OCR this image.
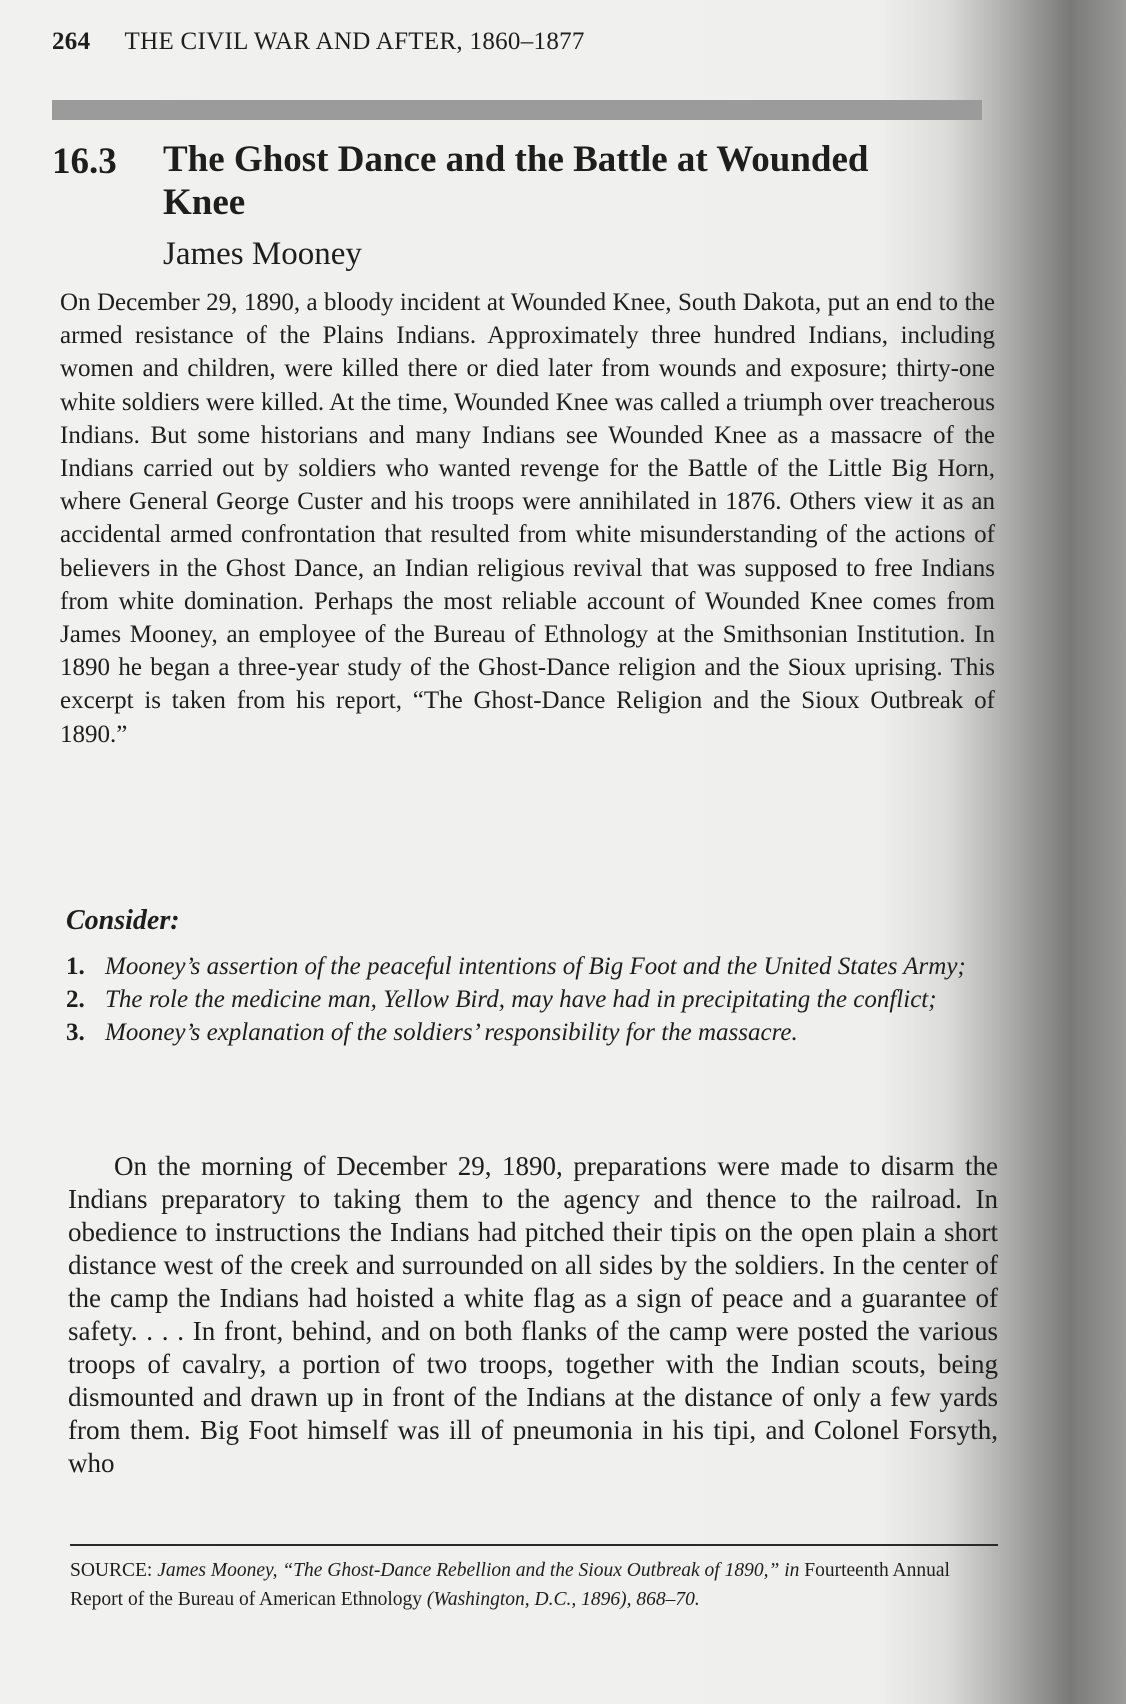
264 THE CIVIL WAR AND AFTER, 1860–1877
16.3 The Ghost Dance and the Battle at Wounded Knee
James Mooney

On December 29, 1890, a bloody incident at Wounded Knee, South Dakota, put an end to the armed resistance of the Plains Indians. Approximately three hundred Indians, including women and children, were killed there or died later from wounds and exposure; thirty-one white soldiers were killed. At the time, Wounded Knee was called a triumph over treacherous Indians. But some historians and many Indians see Wounded Knee as a massacre of the Indians carried out by soldiers who wanted revenge for the Battle of the Little Big Horn, where General George Custer and his troops were annihilated in 1876. Others view it as an accidental armed confrontation that resulted from white misunderstanding of the actions of believers in the Ghost Dance, an Indian religious revival that was supposed to free Indians from white domination. Perhaps the most reliable account of Wounded Knee comes from James Mooney, an employee of the Bureau of Ethnology at the Smithsonian Institution. In 1890 he began a three-year study of the Ghost-Dance religion and the Sioux uprising. This excerpt is taken from his report, “The Ghost-Dance Religion and the Sioux Outbreak of 1890.”

Consider:
1. Mooney’s assertion of the peaceful intentions of Big Foot and the United States Army;
2. The role the medicine man, Yellow Bird, may have had in precipitating the conflict;
3. Mooney’s explanation of the soldiers’ responsibility for the massacre.

On the morning of December 29, 1890, preparations were made to disarm the Indians preparatory to taking them to the agency and thence to the railroad. In obedience to instructions the Indians had pitched their tipis on the open plain a short distance west of the creek and surrounded on all sides by the soldiers. In the center of the camp the Indians had hoisted a white flag as a sign of peace and a guarantee of safety. . . . In front, behind, and on both flanks of the camp were posted the various troops of cavalry, a portion of two troops, together with the Indian scouts, being dismounted and drawn up in front of the Indians at the distance of only a few yards from them. Big Foot himself was ill of pneumonia in his tipi, and Colonel Forsyth, who

SOURCE: James Mooney, “The Ghost-Dance Rebellion and the Sioux Outbreak of 1890,” in Fourteenth Annual Report of the Bureau of American Ethnology (Washington, D.C., 1896), 868–70.
